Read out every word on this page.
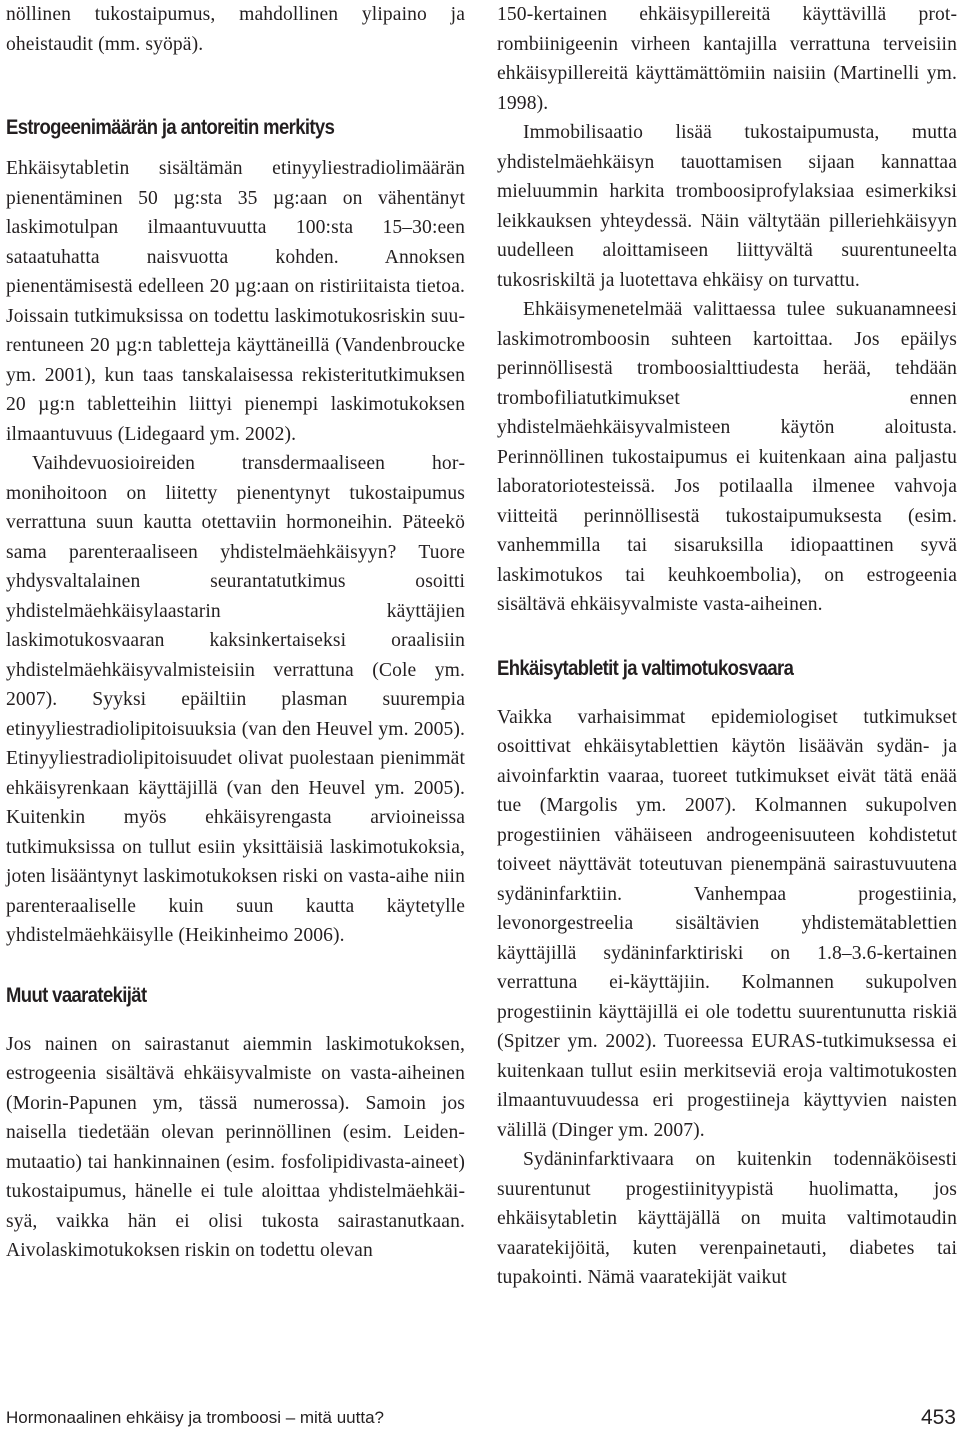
nöllinen tukostaipumus, mahdollinen ylipaino ja oheistaudit (mm. syöpä).

Estrogeenimäärän ja antoreitin merkitys

Ehkäisytabletin sisältämän etinyyliestradiolimäärän pienentäminen 50 µg:sta 35 µg:aan on vähentänyt laskimotulpan ilmaantuvuutta 100:sta 15–30:een sataatuhatta naisvuotta kohden. Annoksen pienentämisestä edelleen 20 µg:aan on ristiriitaista tietoa. Joissain tutkimuksissa on todettu laskimotukosriskin suurentuneen 20 µg:n tabletteja käyttäneillä (Vandenbroucke ym. 2001), kun taas tanskalaisessa rekisteritutkimuksen 20 µg:n tabletteihin liittyi pienempi laskimotukoksen ilmaantuvuus (Lidegaard ym. 2002).

Vaihdevuosioireiden transdermaaliseen hormonihoitoon on liitetty pienentynyt tukostaipumus verrattuna suun kautta otettaviin hormoneihin. Päteekö sama parenteraaliseen yhdistelmäehkäisyyn? Tuore yhdysvaltalainen seurantatutkimus osoitti yhdistelmäehkäisylaastarin käyttäjien laskimotukosvaaran kaksinkertaiseksi oraalisiin yhdistelmäehkäisyvalmisteisiin verrattuna (Cole ym. 2007). Syyksi epäiltiin plasman suurempia etinyyliestradiolipitoisuuksia (van den Heuvel ym. 2005). Etinyyliestradiolipitoisuudet olivat puolestaan pienimmät ehkäisyrenkaan käyttäjillä (van den Heuvel ym. 2005). Kuitenkin myös ehkäisyrengasta arvioineissa tutkimuksissa on tullut esiin yksittäisiä laskimotukoksia, joten lisääntynyt laskimotukoksen riski on vasta-aihe niin parenteraaliselle kuin suun kautta käytetylle yhdistelmäehkäisylle (Heikinheimo 2006).

Muut vaaratekijät

Jos nainen on sairastanut aiemmin laskimotukoksen, estrogeenia sisältävä ehkäisyvalmiste on vasta-aiheinen (Morin-Papunen ym, tässä numerossa). Samoin jos naisella tiedetään olevan perinnöllinen (esim. Leiden-mutaatio) tai hankinnainen (esim. fosfolipidivasta-aineet) tukostaipumus, hänelle ei tule aloittaa yhdistelmäehkäisyä, vaikka hän ei olisi tukosta sairastanutkaan. Aivolaskimotukoksen riskin on todettu olevan

150-kertainen ehkäisypillereitä käyttävillä protrombiinigeenin virheen kantajilla verrattuna terveisiin ehkäisypillereitä käyttämättömiin naisiin (Martinelli ym. 1998).

Immobilisaatio lisää tukostaipumusta, mutta yhdistelmäehkäisyn tauottamisen sijaan kannattaa mieluummin harkita tromboosiprofylaksiaa esimerkiksi leikkauksen yhteydessä. Näin vältytään pilleriehkäisyyn uudelleen aloittamiseen liittyvältä suurentuneelta tukosriskiltä ja luotettava ehkäisy on turvattu.

Ehkäisymenetelmää valittaessa tulee sukuanamneesi laskimotromboosin suhteen kartoittaa. Jos epäilys perinnöllisestä tromboosialttiudesta herää, tehdään trombofiliatutkimukset ennen yhdistelmäehkäisyvalmisteen käytön aloitusta. Perinnöllinen tukostaipumus ei kuitenkaan aina paljastu laboratoriotesteissä. Jos potilaalla ilmenee vahvoja viitteitä perinnöllisestä tukostaipumuksesta (esim. vanhemmilla tai sisaruksilla idiopaattinen syvä laskimotukos tai keuhkoembolia), on estrogeenia sisältävä ehkäisyvalmiste vasta-aiheinen.

Ehkäisytabletit ja valtimotukosvaara

Vaikka varhaisimmat epidemiologiset tutkimukset osoittivat ehkäisytablettien käytön lisäävän sydän- ja aivoinfarktin vaaraa, tuoreet tutkimukset eivät tätä enää tue (Margolis ym. 2007). Kolmannen sukupolven progestiinien vähäiseen androgeenisuuteen kohdistetut toiveet näyttävät toteutuvan pienempänä sairastuvuutena sydäninfarktiin. Vanhempaa progestiinia, levonorgestreelia sisältävien yhdistemätablettien käyttäjillä sydäninfarktiriski on 1.8–3.6-kertainen verrattuna ei-käyttäjiin. Kolmannen sukupolven progestiinin käyttäjillä ei ole todettu suurentunutta riskiä (Spitzer ym. 2002). Tuoreessa EURAS-tutkimuksessa ei kuitenkaan tullut esiin merkitseviä eroja valtimotukosten ilmaantuvuudessa eri progestiineja käyttyvien naisten välillä (Dinger ym. 2007).

Sydäninfarktivaara on kuitenkin todennäköisesti suurentunut progestiinityypistä huolimatta, jos ehkäisytabletin käyttäjällä on muita valtimotaudin vaaratekijöitä, kuten verenpainetauti, diabetes tai tupakointi. Nämä vaaratekijät vaikut

Hormonaalinen ehkäisy ja tromboosi – mitä uutta?	453
